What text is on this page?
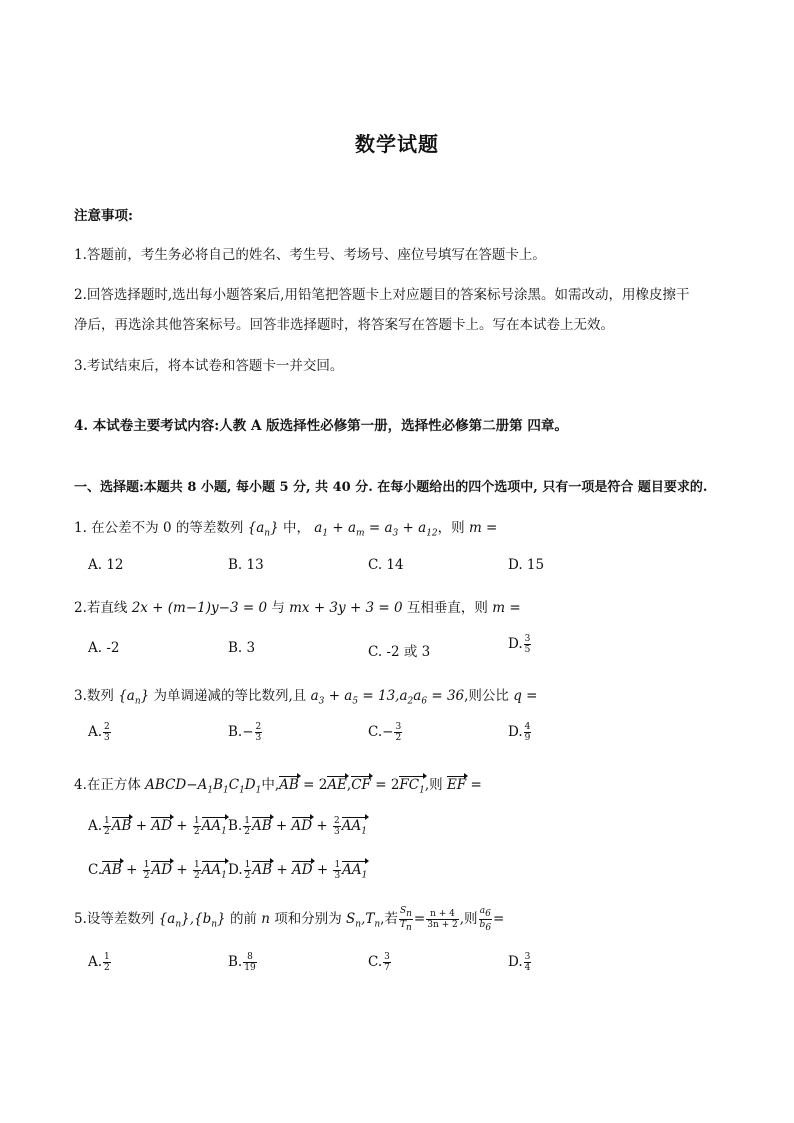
数学试题
注意事项:
1.答题前，考生务必将自己的姓名、考生号、考场号、座位号填写在答题卡上。
2.回答选择题时,选出每小题答案后,用铅笔把答题卡上对应题目的答案标号涂黑。如需改动，用橡皮擦干
净后，再选涂其他答案标号。回答非选择题时，将答案写在答题卡上。写在本试卷上无效。
3.考试结束后，将本试卷和答题卡一并交回。
4. 本试卷主要考试内容:人教 A 版选择性必修第一册，选择性必修第二册第 四章。
一、选择题:本题共 8 小题, 每小题 5 分, 共 40 分. 在每小题给出的四个选项中, 只有一项是符合 题目要求的.
1. 在公差不为 0 的等差数列 $\{a_n\}$ 中， $a_1 + a_m = a_3 + a_{12}$，则 m =
A. 12	B. 13	C. 14	D. 15
2.若直线 2x + (m−1)y−3 = 0 与 mx + 3y + 3 = 0 互相垂直，则 m =
A. -2	B. 3	C. -2 或 3	D. $\frac{3}{5}$
3.数列 $\{a_n\}$ 为单调递减的等比数列,且 $a_3 + a_5 = 13,a_2a_6 = 36$,则公比 q =
A. $\frac{2}{3}$	$B.- \frac{2}{3}$	$C.- \frac{3}{2}$	D. $\frac{4}{9}$
4.在正方体 $ABCD-A_1B_1C_1D_1$中$,AB = 2AE,CF = 2FC_1$,则 EF =
A. $\frac{1}{2}$ AB + AD + $\frac{1}{2} AA_1$ B. $\frac{1}{2}$ AB + AD + $\frac{2}{3} AA_1$
$C.AB + \frac{1}{2}$ AD + $\frac{1}{2} AA_1$ D. $\frac{1}{2}$ AB + AD + $\frac{1}{3} AA_1$
5.设等差数列 $\{a_n\},\{b_n\}$ 的前 n 项和分别为 $S_n,T_n$,若 $\frac{S_n}{T_n} = \frac{n + 4}{3n + 2}$ ,则 $\frac{a_6}{b_6}$ =
A. $\frac{1}{2}$	B. $\frac{8}{19}$	C. $\frac{3}{7}$	D. $\frac{3}{4}$
